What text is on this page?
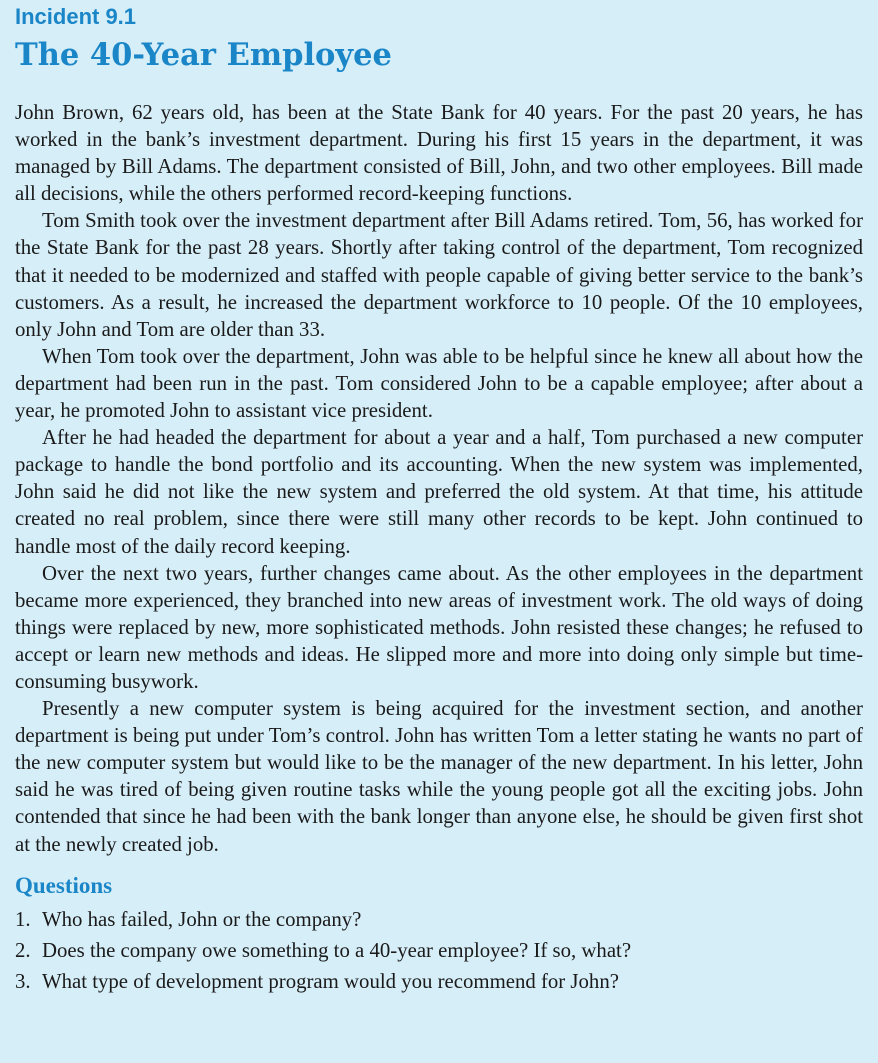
Incident 9.1
The 40-Year Employee

John Brown, 62 years old, has been at the State Bank for 40 years. For the past 20 years, he has worked in the bank’s investment department. During his first 15 years in the department, it was managed by Bill Adams. The department consisted of Bill, John, and two other employees. Bill made all decisions, while the others performed record-keeping functions.

Tom Smith took over the investment department after Bill Adams retired. Tom, 56, has worked for the State Bank for the past 28 years. Shortly after taking control of the department, Tom recognized that it needed to be modernized and staffed with people capable of giving better service to the bank’s customers. As a result, he increased the department workforce to 10 people. Of the 10 employees, only John and Tom are older than 33.

When Tom took over the department, John was able to be helpful since he knew all about how the department had been run in the past. Tom considered John to be a capable employee; after about a year, he promoted John to assistant vice president.

After he had headed the department for about a year and a half, Tom purchased a new computer package to handle the bond portfolio and its accounting. When the new system was implemented, John said he did not like the new system and preferred the old system. At that time, his attitude created no real problem, since there were still many other records to be kept. John continued to handle most of the daily record keeping.

Over the next two years, further changes came about. As the other employees in the department became more experienced, they branched into new areas of investment work. The old ways of doing things were replaced by new, more sophisticated methods. John resisted these changes; he refused to accept or learn new methods and ideas. He slipped more and more into doing only simple but time-consuming busywork.

Presently a new computer system is being acquired for the investment section, and another department is being put under Tom’s control. John has written Tom a letter stating he wants no part of the new computer system but would like to be the manager of the new department. In his letter, John said he was tired of being given routine tasks while the young people got all the exciting jobs. John contended that since he had been with the bank longer than anyone else, he should be given first shot at the newly created job.

Questions
1. Who has failed, John or the company?
2. Does the company owe something to a 40-year employee? If so, what?
3. What type of development program would you recommend for John?
